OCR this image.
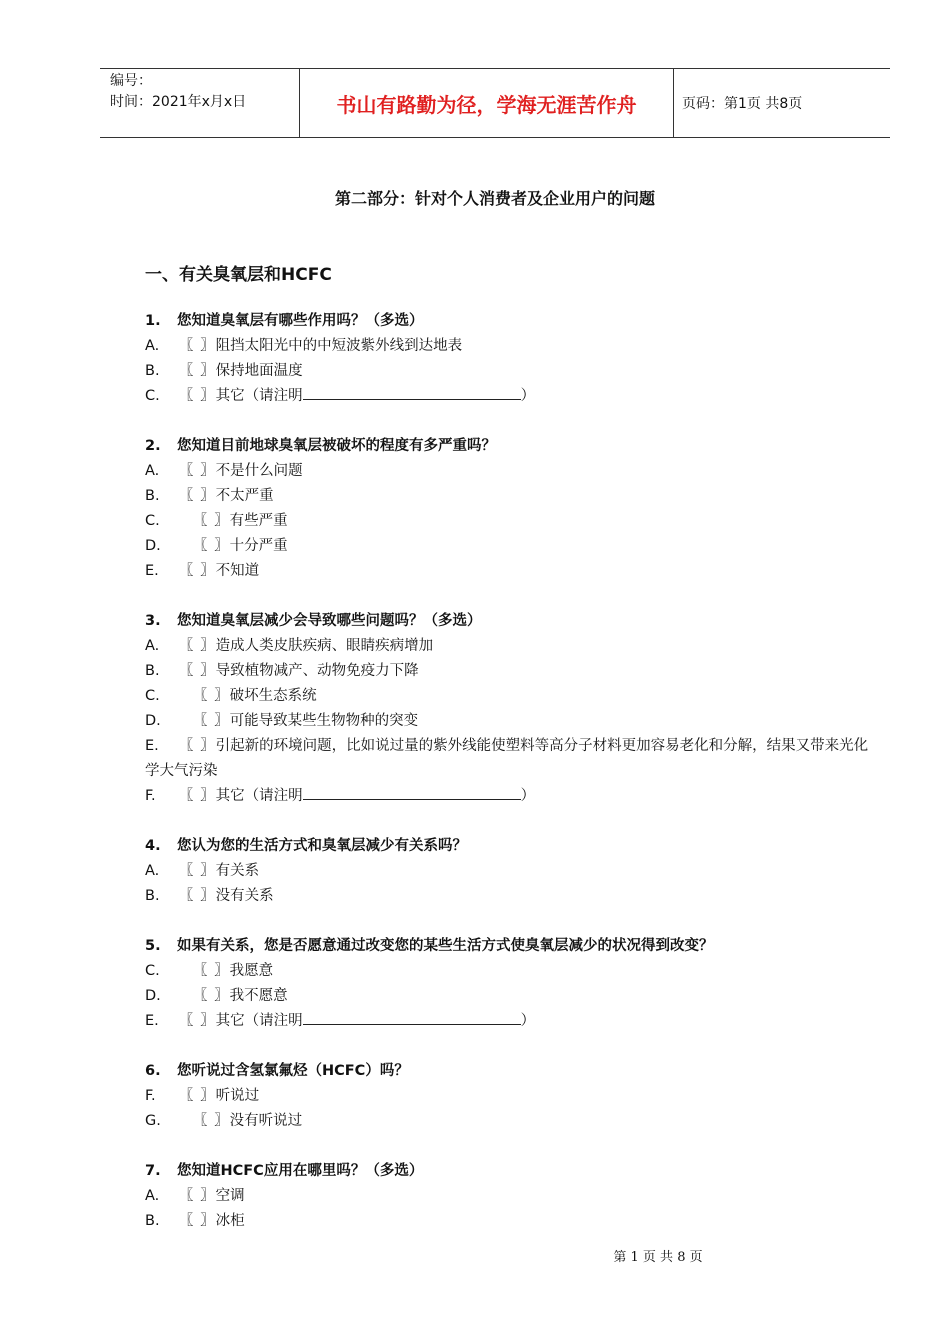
编号：
时间：2021年x月x日	书山有路勤为径，学海无涯苦作舟	页码：第1页 共8页
第二部分：针对个人消费者及企业用户的问题
一、有关臭氧层和HCFC
1. 您知道臭氧层有哪些作用吗？（多选）
A. 〖 〗阻挡太阳光中的中短波紫外线到达地表
B. 〖 〗保持地面温度
C. 〖 〗其它（请注明	）
2. 您知道目前地球臭氧层被破坏的程度有多严重吗？
A. 〖 〗不是什么问题
B. 〖 〗不太严重
C. 〖 〗有些严重
D. 〖 〗十分严重
E. 〖 〗不知道
3. 您知道臭氧层减少会导致哪些问题吗？（多选）
A. 〖 〗造成人类皮肤疾病、眼睛疾病增加
B. 〖 〗导致植物减产、动物免疫力下降
C. 〖 〗破坏生态系统
D. 〖 〗可能导致某些生物物种的突变
E. 〖 〗引起新的环境问题，比如说过量的紫外线能使塑料等高分子材料更加容易老化和分解，结果又带来光化学大气污染
F. 〖 〗其它（请注明	）
4. 您认为您的生活方式和臭氧层减少有关系吗？
A. 〖 〗有关系
B. 〖 〗没有关系
5. 如果有关系，您是否愿意通过改变您的某些生活方式使臭氧层减少的状况得到改变？
C. 〖 〗我愿意
D. 〖 〗我不愿意
E. 〖 〗其它（请注明	）
6. 您听说过含氢氯氟烃（HCFC）吗？
F. 〖 〗听说过
G. 〖 〗没有听说过
7. 您知道HCFC应用在哪里吗？（多选）
A. 〖 〗空调
B. 〖 〗冰柜
第 1 页 共 8 页
